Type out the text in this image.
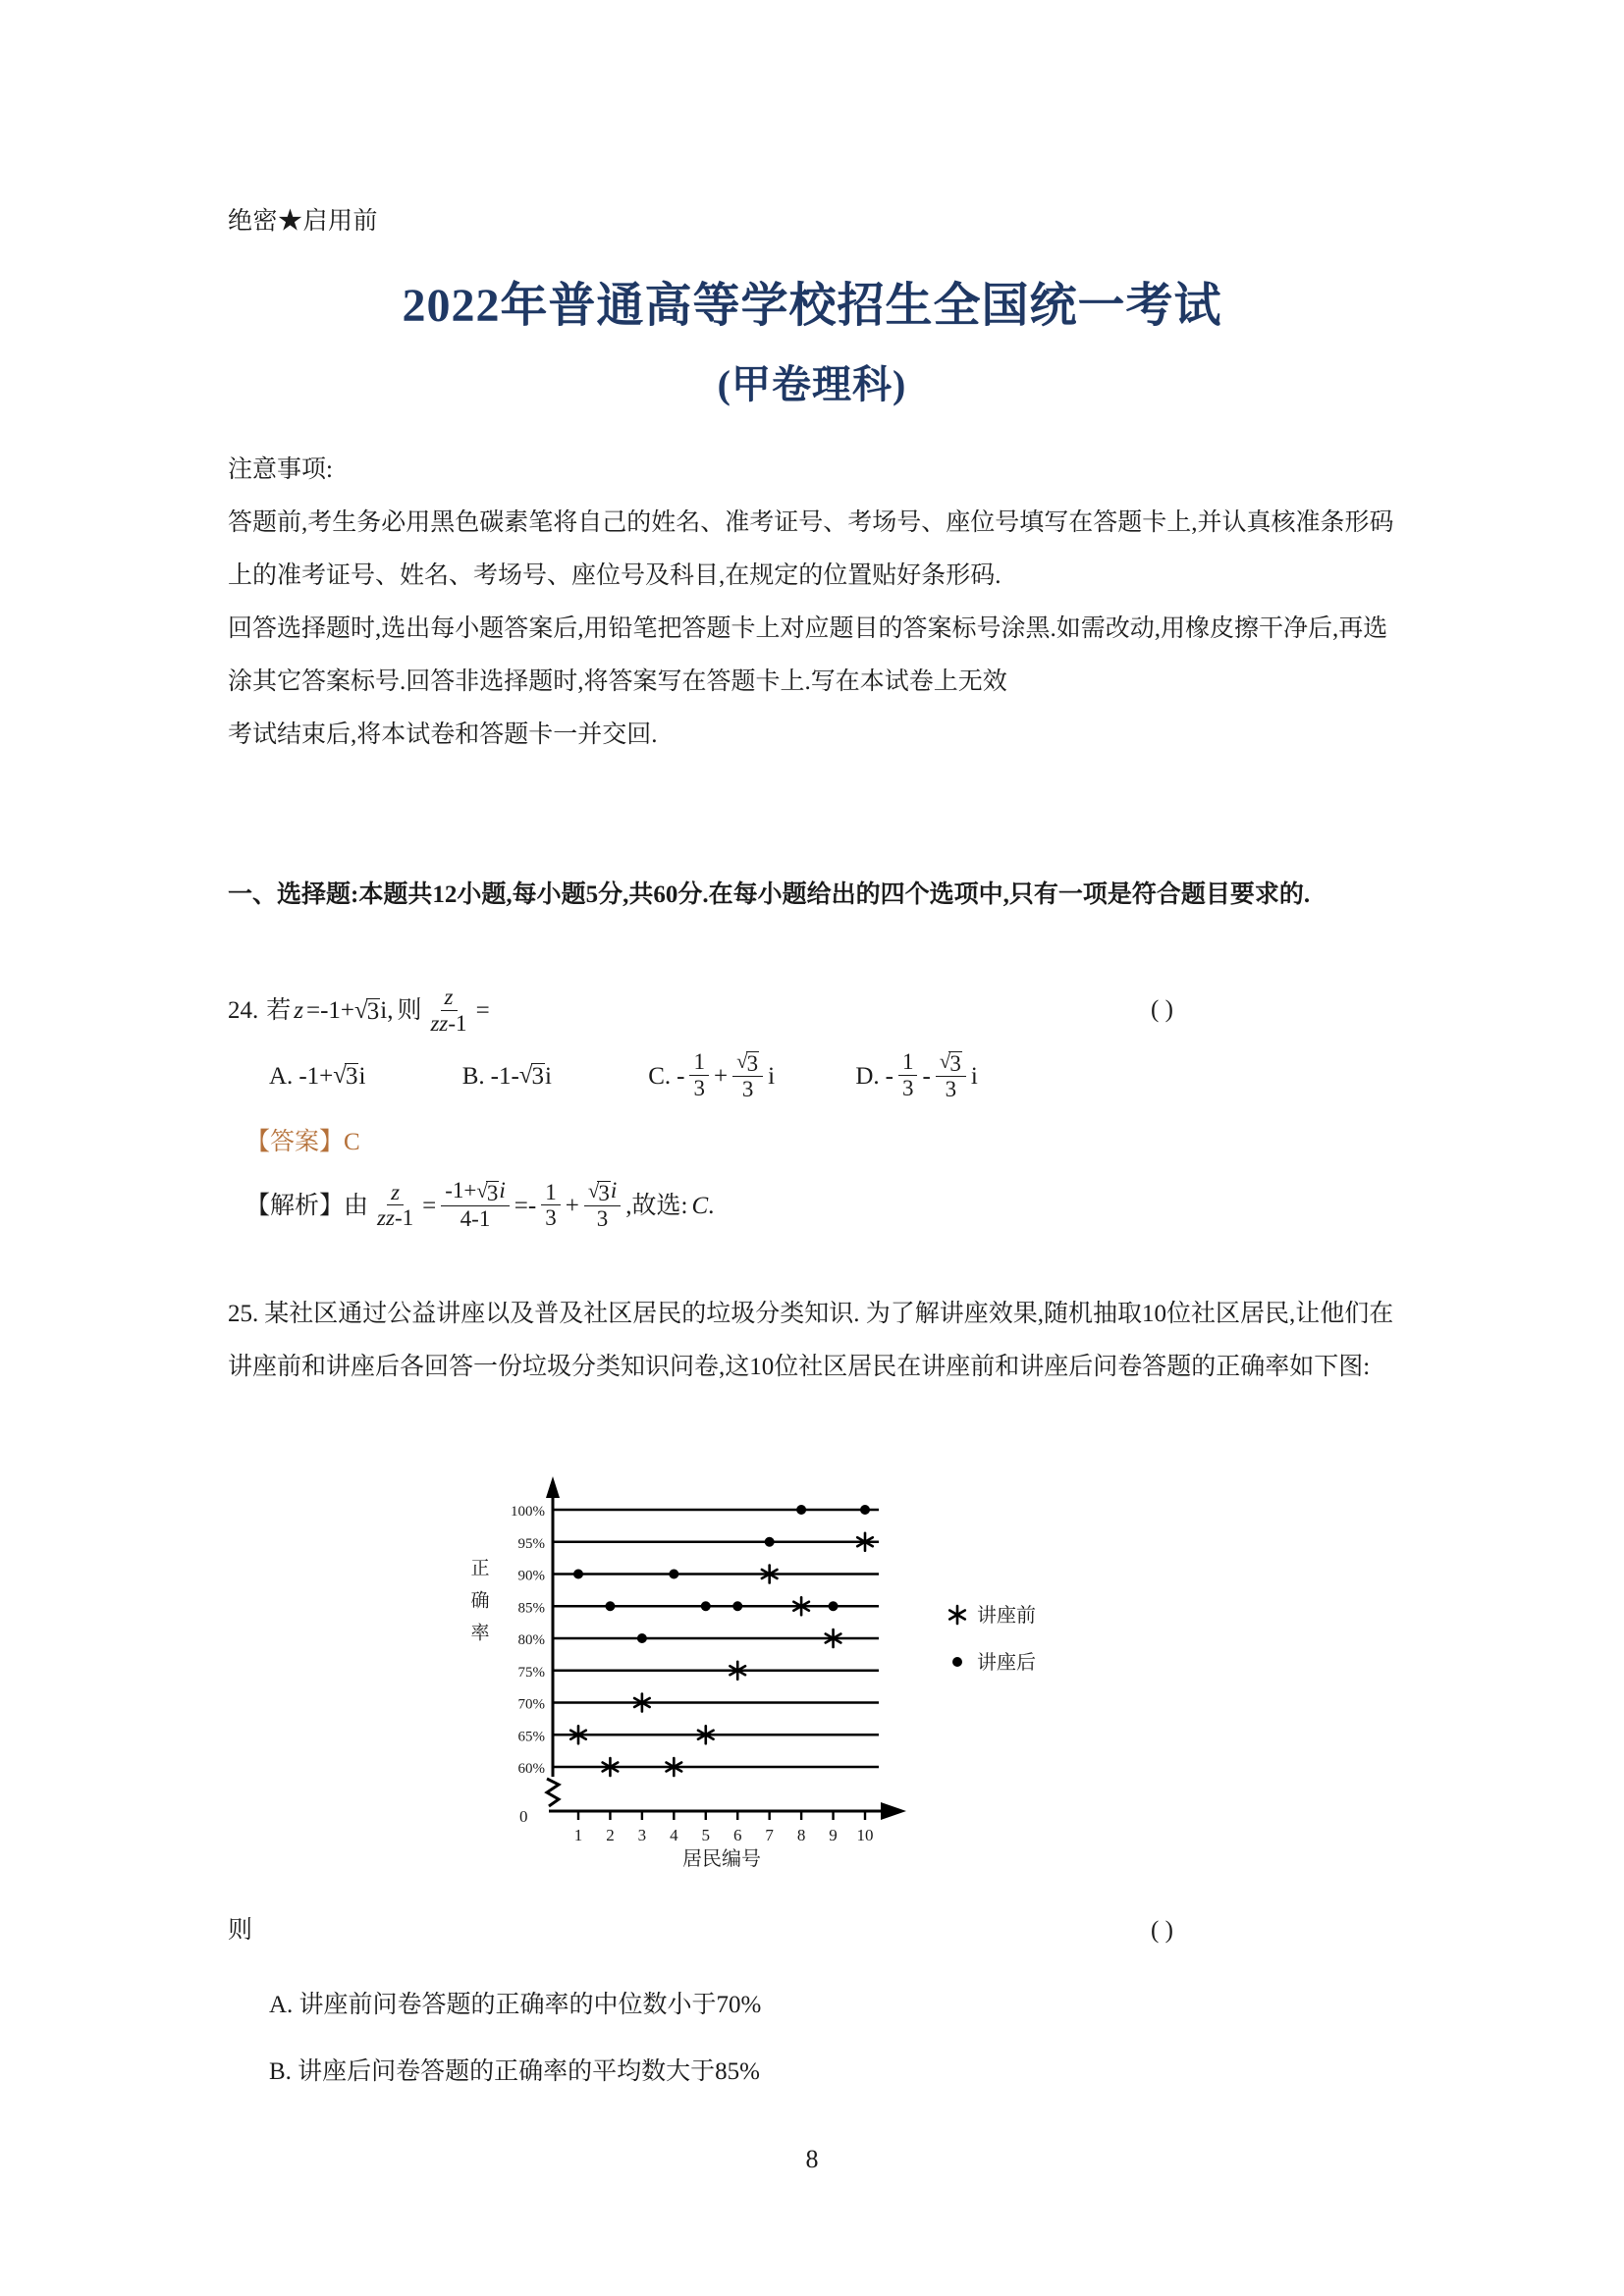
绝密★启用前
2022年普通高等学校招生全国统一考试
(甲卷理科)
注意事项:
答题前,考生务必用黑色碳素笔将自己的姓名、准考证号、考场号、座位号填写在答题卡上,并认真核准条形码上的准考证号、姓名、考场号、座位号及科目,在规定的位置贴好条形码.
回答选择题时,选出每小题答案后,用铅笔把答题卡上对应题目的答案标号涂黑.如需改动,用橡皮擦干净后,再选涂其它答案标号.回答非选择题时,将答案写在答题卡上.写在本试卷上无效
考试结束后,将本试卷和答题卡一并交回.
一、选择题:本题共12小题,每小题5分,共60分.在每小题给出的四个选项中,只有一项是符合题目要求的.
24. 若 z =-1+ √ 3 i, 则 $\frac{z}{zz-1}$ =	( )
A. -1+ √ 3 i
	B. -1- √ 3 i
	C. - $\frac{1}{3} + \frac{√ 3}{3}$ i
	D. - $\frac{1}{3} - \frac{√ 3}{3}$ i
【答案】C
【解析】 由 $\frac{z}{zz-1} = \frac{-1+ √ 3 i}{4-1} =- \frac{1}{3} + \frac{√ 3 i}{3}$ ,故选: C .
25. 某社区通过公益讲座以及普及社区居民的垃圾分类知识. 为了解讲座效果,随机抽取10位社区居民,让他们在讲座前和讲座后各回答一份垃圾分类知识问卷,这10位社区居民在讲座前和讲座后问卷答题的正确率如下图:
60%
65%
70%
75%
80%
85%
90%
95%
100%
正
确
率
0
1 2 3 4 5 6 7 8 9 10
居民编号
讲座前
讲座后
则	( )
A. 讲座前问卷答题的正确率的中位数小于70%
B. 讲座后问卷答题的正确率的平均数大于85%
8
